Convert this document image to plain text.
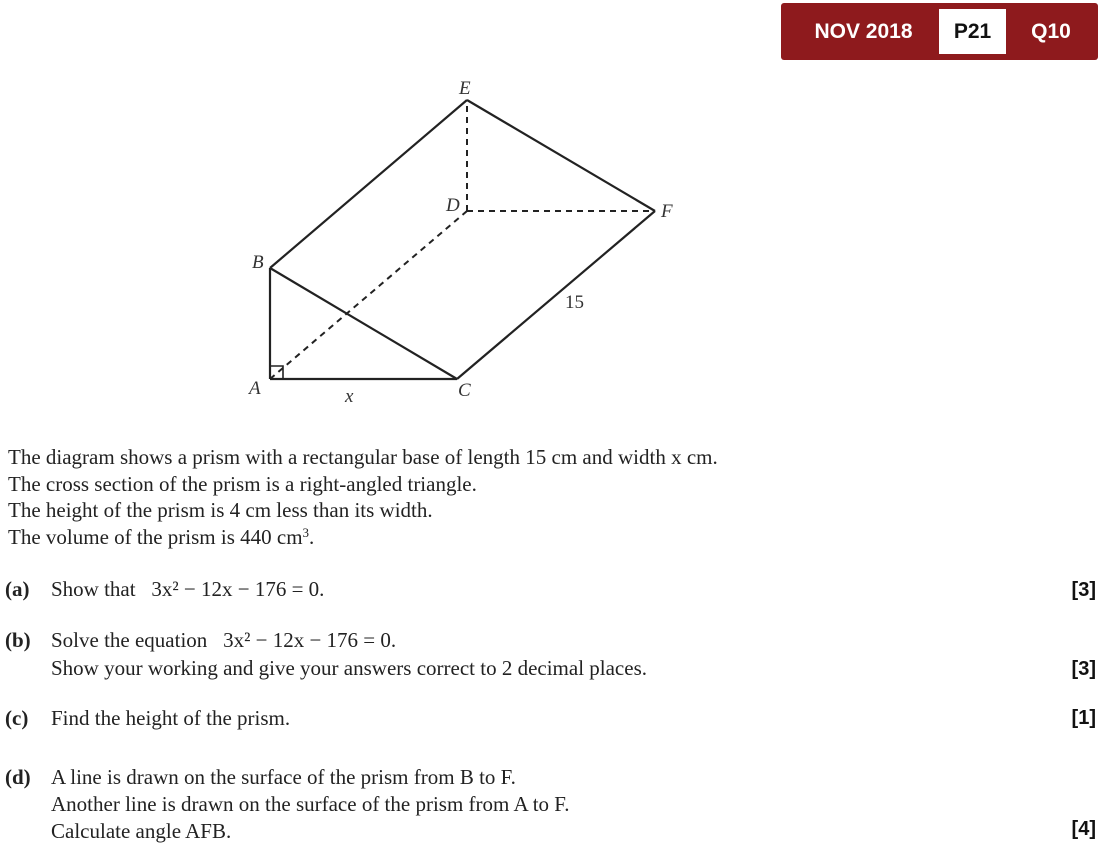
NOV 2018	P21	Q10
A
B
C
D
E
F
15
x
The diagram shows a prism with a rectangular base of length 15 cm and width x cm.
The cross section of the prism is a right-angled triangle.
The height of the prism is 4 cm less than its width.
The volume of the prism is 440 $cm^3$.
(a) Show that 3x² − 12x − 176 = 0.	[3]
(b) Solve the equation 3x² − 12x − 176 = 0.
Show your working and give your answers correct to 2 decimal places.	[3]
(c) Find the height of the prism.	[1]
(d) A line is drawn on the surface of the prism from B to F.
Another line is drawn on the surface of the prism from A to F.
Calculate angle AFB.	[4]
